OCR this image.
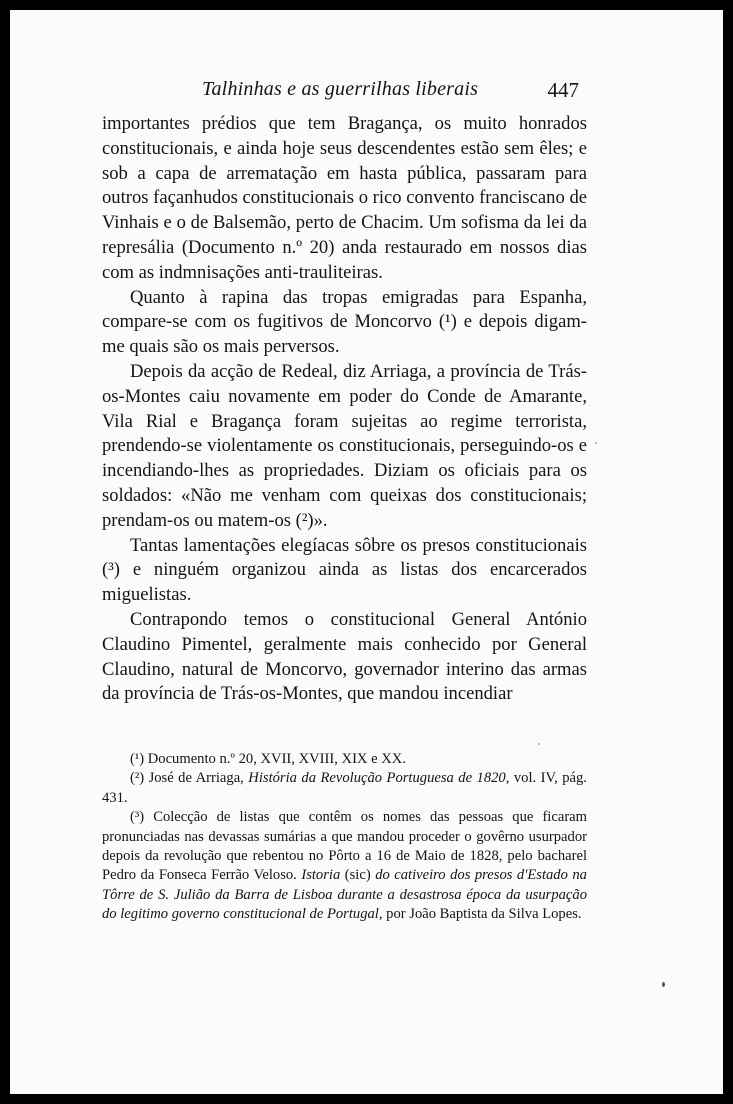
Talhinhas e as guerrilhas liberais	447

importantes prédios que tem Bragança, os muito honrados constitucionais, e ainda hoje seus descendentes estão sem êles; e sob a capa de arrematação em hasta pública, passaram para outros façanhudos constitucionais o rico convento franciscano de Vinhais e o de Balsemão, perto de Chacim. Um sofisma da lei da represália (Documento n.º 20) anda restaurado em nossos dias com as indmnisações anti-trauliteiras.

Quanto à rapina das tropas emigradas para Espanha, compare-se com os fugitivos de Moncorvo (¹) e depois digam-me quais são os mais perversos.

Depois da acção de Redeal, diz Arriaga, a província de Trás-os-Montes caiu novamente em poder do Conde de Amarante, Vila Rial e Bragança foram sujeitas ao regime terrorista, prendendo-se violentamente os constitucionais, perseguindo-os e incendiando-lhes as propriedades. Diziam os oficiais para os soldados: «Não me venham com queixas dos constitucionais; prendam-os ou matem-os (²)».

Tantas lamentações elegíacas sôbre os presos constitucionais (³) e ninguém organizou ainda as listas dos encarcerados miguelistas.

Contrapondo temos o constitucional General António Claudino Pimentel, geralmente mais conhecido por General Claudino, natural de Moncorvo, governador interino das armas da província de Trás-os-Montes, que mandou incendiar

(¹) Documento n.º 20, XVII, XVIII, XIX e XX.

(²) José de Arriaga, História da Revolução Portuguesa de 1820, vol. IV, pág. 431.

(³) Colecção de listas que contêm os nomes das pessoas que ficaram pronunciadas nas devassas sumárias a que mandou proceder o govêrno usurpador depois da revolução que rebentou no Pôrto a 16 de Maio de 1828, pelo bacharel Pedro da Fonseca Ferrão Veloso. Istoria (sic) do cativeiro dos presos d'Estado na Tôrre de S. Julião da Barra de Lisboa durante a desastrosa época da usurpação do legitimo governo constitucional de Portugal, por João Baptista da Silva Lopes.
